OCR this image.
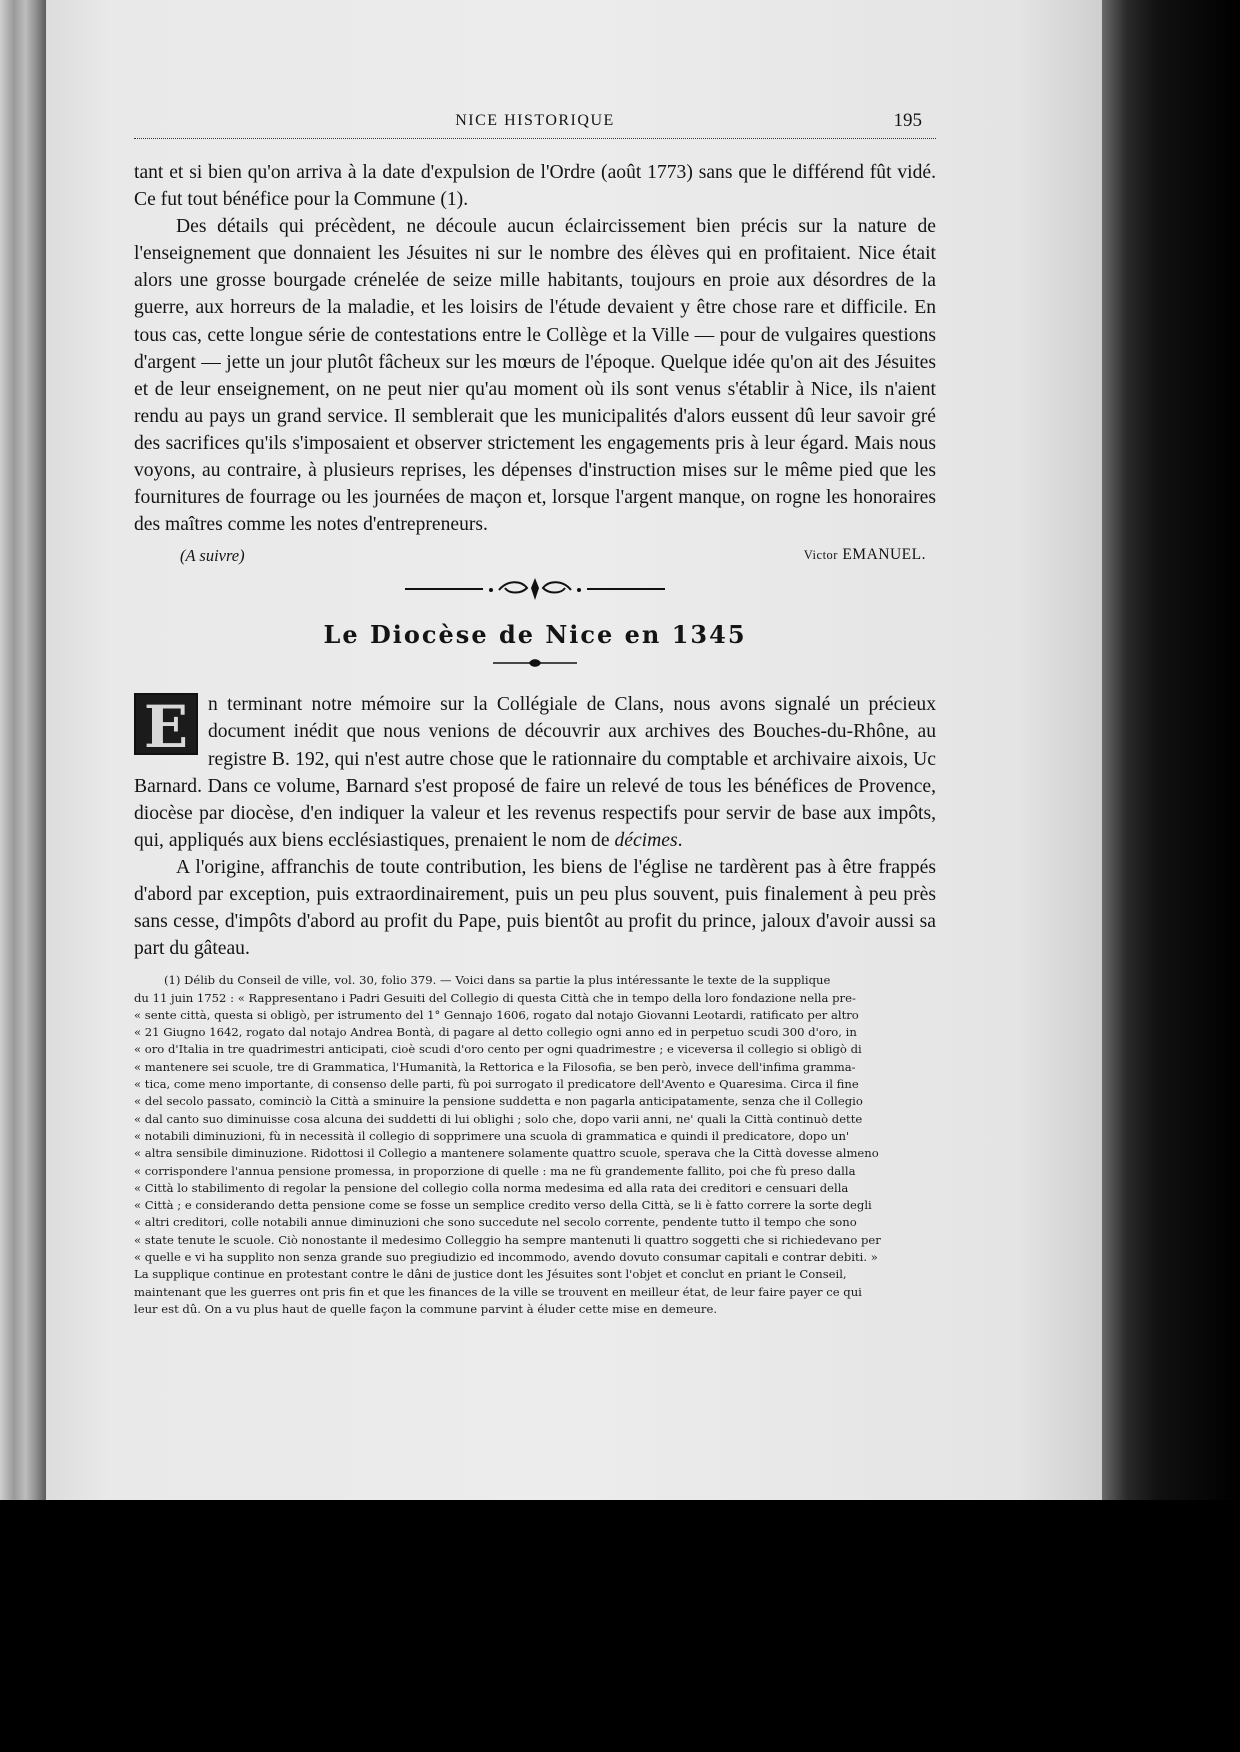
NICE HISTORIQUE	195

tant et si bien qu'on arriva à la date d'expulsion de l'Ordre (août 1773) sans que le différend fût vidé. Ce fut tout bénéfice pour la Commune (1).

Des détails qui précèdent, ne découle aucun éclaircissement bien précis sur la nature de l'enseignement que donnaient les Jésuites ni sur le nombre des élèves qui en profitaient. Nice était alors une grosse bourgade crénelée de seize mille habitants, toujours en proie aux désordres de la guerre, aux horreurs de la maladie, et les loisirs de l'étude devaient y être chose rare et difficile. En tous cas, cette longue série de contestations entre le Collège et la Ville — pour de vulgaires questions d'argent — jette un jour plutôt fâcheux sur les mœurs de l'époque. Quelque idée qu'on ait des Jésuites et de leur enseignement, on ne peut nier qu'au moment où ils sont venus s'établir à Nice, ils n'aient rendu au pays un grand service. Il semblerait que les municipalités d'alors eussent dû leur savoir gré des sacrifices qu'ils s'imposaient et observer strictement les engagements pris à leur égard. Mais nous voyons, au contraire, à plusieurs reprises, les dépenses d'instruction mises sur le même pied que les fournitures de fourrage ou les journées de maçon et, lorsque l'argent manque, on rogne les honoraires des maîtres comme les notes d'entrepreneurs.

(A suivre)	Victor EMANUEL.
Le Diocèse de Nice en 1345
E	n terminant notre mémoire sur la Collégiale de Clans, nous avons signalé un précieux document inédit que nous venions de découvrir aux archives des Bouches-du-Rhône, au registre B. 192, qui n'est autre chose que le rationnaire du comptable et archivaire aixois, Uc Barnard. Dans ce volume, Barnard s'est proposé de faire un relevé de tous les bénéfices de Provence, diocèse par diocèse, d'en indiquer la valeur et les revenus respectifs pour servir de base aux impôts, qui, appliqués aux biens ecclésiastiques, prenaient le nom de décimes.

A l'origine, affranchis de toute contribution, les biens de l'église ne tardèrent pas à être frappés d'abord par exception, puis extraordinairement, puis un peu plus souvent, puis finalement à peu près sans cesse, d'impôts d'abord au profit du Pape, puis bientôt au profit du prince, jaloux d'avoir aussi sa part du gâteau.

(1) Délib du Conseil de ville, vol. 30, folio 379. — Voici dans sa partie la plus intéressante le texte de la supplique

du 11 juin 1752 : « Rappresentano i Padri Gesuiti del Collegio di questa Città che in tempo della loro fondazione nella pre-

« sente città, questa si obligò, per istrumento del 1° Gennajo 1606, rogato dal notajo Giovanni Leotardi, ratificato per altro

« 21 Giugno 1642, rogato dal notajo Andrea Bontà, di pagare al detto collegio ogni anno ed in perpetuo scudi 300 d'oro, in

« oro d'Italia in tre quadrimestri anticipati, cioè scudi d'oro cento per ogni quadrimestre ; e viceversa il collegio si obligò di

« mantenere sei scuole, tre di Grammatica, l'Humanità, la Rettorica e la Filosofia, se ben però, invece dell'infima gramma-

« tica, come meno importante, di consenso delle parti, fù poi surrogato il predicatore dell'Avento e Quaresima. Circa il fine

« del secolo passato, cominciò la Città a sminuire la pensione suddetta e non pagarla anticipatamente, senza che il Collegio

« dal canto suo diminuisse cosa alcuna dei suddetti di lui oblighi ; solo che, dopo varii anni, ne' quali la Città continuò dette

« notabili diminuzioni, fù in necessità il collegio di sopprimere una scuola di grammatica e quindi il predicatore, dopo un'

« altra sensibile diminuzione. Ridottosi il Collegio a mantenere solamente quattro scuole, sperava che la Città dovesse almeno

« corrispondere l'annua pensione promessa, in proporzione di quelle : ma ne fù grandemente fallito, poi che fù preso dalla

« Città lo stabilimento di regolar la pensione del collegio colla norma medesima ed alla rata dei creditori e censuari della

« Città ; e considerando detta pensione come se fosse un semplice credito verso della Città, se li è fatto correre la sorte degli

« altri creditori, colle notabili annue diminuzioni che sono succedute nel secolo corrente, pendente tutto il tempo che sono

« state tenute le scuole. Ciò nonostante il medesimo Colleggio ha sempre mantenuti li quattro soggetti che si richiedevano per

« quelle e vi ha supplito non senza grande suo pregiudizio ed incommodo, avendo dovuto consumar capitali e contrar debiti. »

La supplique continue en protestant contre le dâni de justice dont les Jésuites sont l'objet et conclut en priant le Conseil,

maintenant que les guerres ont pris fin et que les finances de la ville se trouvent en meilleur état, de leur faire payer ce qui

leur est dû. On a vu plus haut de quelle façon la commune parvint à éluder cette mise en demeure.
